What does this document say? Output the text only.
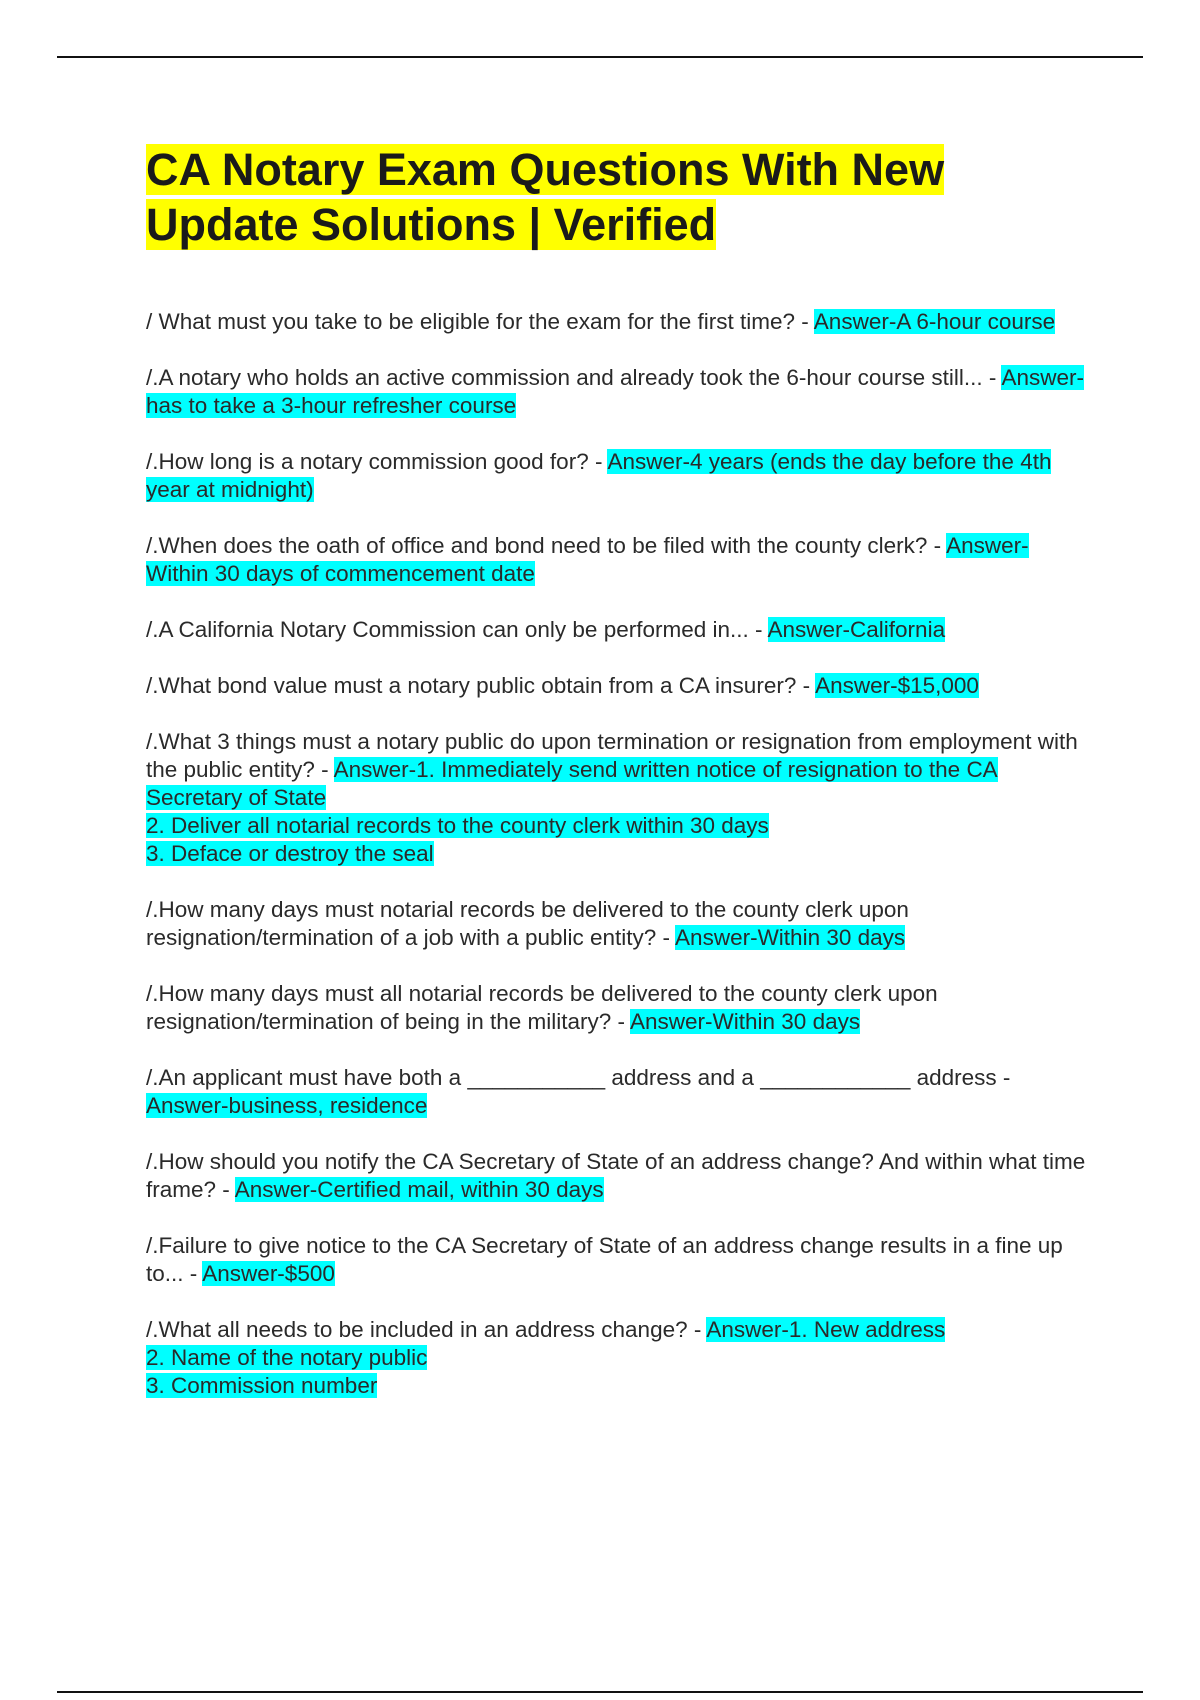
CA Notary Exam Questions With New
Update Solutions | Verified

/ What must you take to be eligible for the exam for the first time? - Answer-A 6-hour course

/.A notary who holds an active commission and already took the 6-hour course still... - Answer-has to take a 3-hour refresher course

/.How long is a notary commission good for? - Answer-4 years (ends the day before the 4th year at midnight)

/.When does the oath of office and bond need to be filed with the county clerk? - Answer-Within 30 days of commencement date

/.A California Notary Commission can only be performed in... - Answer-California

/.What bond value must a notary public obtain from a CA insurer? - Answer-$15,000

/.What 3 things must a notary public do upon termination or resignation from employment with the public entity? - Answer-1. Immediately send written notice of resignation to the CA Secretary of State
2. Deliver all notarial records to the county clerk within 30 days
3. Deface or destroy the seal

/.How many days must notarial records be delivered to the county clerk upon resignation/termination of a job with a public entity? - Answer-Within 30 days

/.How many days must all notarial records be delivered to the county clerk upon resignation/termination of being in the military? - Answer-Within 30 days

/.An applicant must have both a ___________ address and a ____________ address - Answer-business, residence

/.How should you notify the CA Secretary of State of an address change? And within what time frame? - Answer-Certified mail, within 30 days

/.Failure to give notice to the CA Secretary of State of an address change results in a fine up to... - Answer-$500

/.What all needs to be included in an address change? - Answer-1. New address
2. Name of the notary public
3. Commission number
